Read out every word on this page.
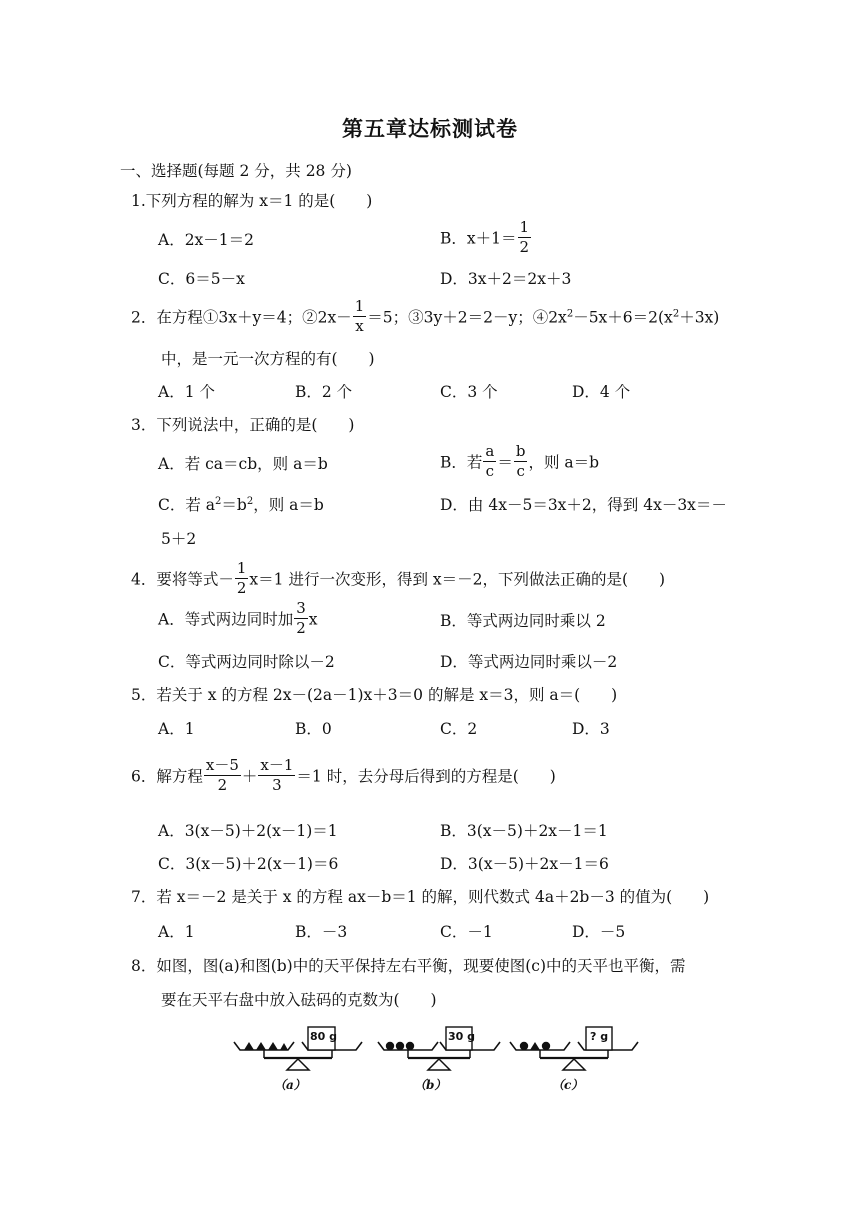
第五章达标测试卷
一、选择题(每题 2 分，共 28 分)
1.下列方程的解为 x＝1 的是(　　)
A．2x－1＝2	B．$x+1= \frac{1}{2}$
C．6＝5－x	D．3x＋2＝2x＋3
2．在方程①3x＋y＝4；②2x－ $\frac{1}{x} =5$；③3y＋2＝2－y；$④2x^2-5x+6=2(x^2+3x)$
中，是一元一次方程的有(　　)
A．1 个	B．2 个	C．3 个	D．4 个
3．下列说法中，正确的是(　　)
A．若 ca＝cb，则 a＝b	B．若 $\frac{a}{c} = \frac{b}{c}$ ，则 a＝b
C．若 $a^2=b^2$，则 a＝b	D．由 4x－5＝3x＋2，得到 4x－3x＝－
5＋2
4．要将等式－ $\frac{1}{2} x=1$ 进行一次变形，得到 x＝－2，下列做法正确的是(　　)
A．等式两边同时加 $\frac{3}{2}$ x	B．等式两边同时乘以 2
C．等式两边同时除以－2	D．等式两边同时乘以－2
5．若关于 x 的方程 2x－(2a－1)x＋3＝0 的解是 x＝3，则 a＝(　　)
A．1	B．0	C．2	D．3
6．解方程 $\frac{x-5}{2} + \frac{x-1}{3} =1$ 时，去分母后得到的方程是(　　)
A．3(x－5)＋2(x－1)＝1	B．3(x－5)＋2x－1＝1
C．3(x－5)＋2(x－1)＝6	D．3(x－5)＋2x－1＝6
7．若 x＝－2 是关于 x 的方程 ax－b＝1 的解，则代数式 4a＋2b－3 的值为(　　)
A．1	B．－3	C．－1	D．－5
8．如图，图(a)和图(b)中的天平保持左右平衡，现要使图(c)中的天平也平衡，需
要在天平右盘中放入砝码的克数为(　　)
80 g
（a）
30 g
（b）
? g
（c）
